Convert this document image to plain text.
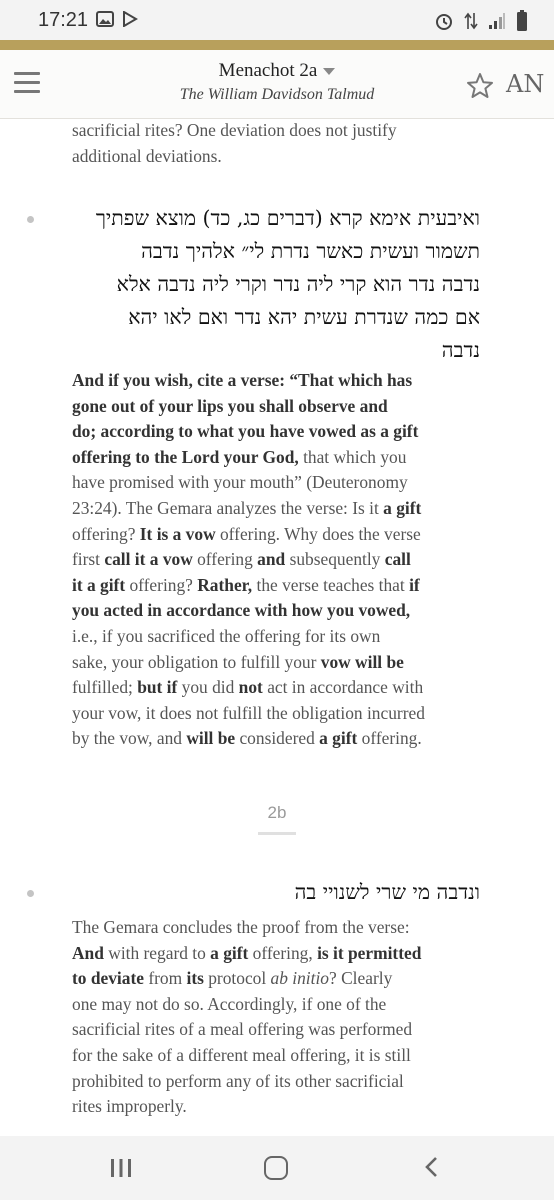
17:21
Menachot 2a
The William Davidson Talmud	AN
sacrificial rites? One deviation does not justify
additional deviations.
ואיבעית אימא קרא (דברים כג, כד) מוצא שפתיך
תשמור ועשית כאשר נדרת לי״ אלהיך נדבה
נדבה נדר הוא קרי ליה נדר וקרי ליה נדבה אלא
אם כמה שנדרת עשית יהא נדר ואם לאו יהא
נדבה
And if you wish, cite a verse: “That which has
gone out of your lips you shall observe and
do; according to what you have vowed as a gift
offering to the Lord your God, that which you
have promised with your mouth” (Deuteronomy
23:24). The Gemara analyzes the verse: Is it a gift
offering? It is a vow offering. Why does the verse
first call it a vow offering and subsequently call
it a gift offering? Rather, the verse teaches that if
you acted in accordance with how you vowed,
i.e., if you sacrificed the offering for its own
sake, your obligation to fulfill your vow will be
fulfilled; but if you did not act in accordance with
your vow, it does not fulfill the obligation incurred
by the vow, and will be considered a gift offering.
2b
ונדבה מי שרי לשנויי בה
The Gemara concludes the proof from the verse:
And with regard to a gift offering, is it permitted
to deviate from its protocol ab initio? Clearly
one may not do so. Accordingly, if one of the
sacrificial rites of a meal offering was performed
for the sake of a different meal offering, it is still
prohibited to perform any of its other sacrificial
rites improperly.
